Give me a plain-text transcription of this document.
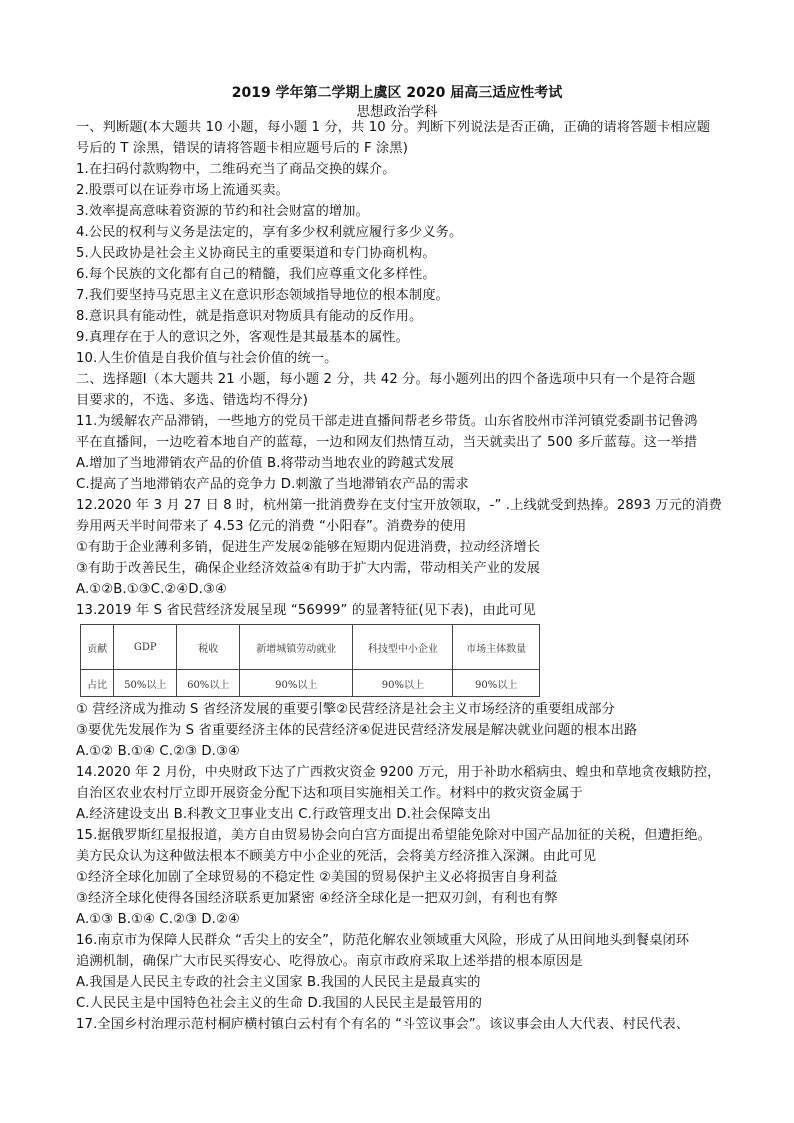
2019 学年第二学期上虞区 2020 届高三适应性考试
思想政治学科
一、判断题(本大题共 10 小题，每小题 1 分，共 10 分。判断下列说法是否正确，正确的请将答题卡相应题
号后的 T 涂黑，错误的请将答题卡相应题号后的 F 涂黑)
1.在扫码付款购物中，二维码充当了商品交换的媒介。
2.股票可以在证券市场上流通买卖。
3.效率提高意味着资源的节约和社会财富的增加。
4.公民的权利与义务是法定的，享有多少权利就应履行多少义务。
5.人民政协是社会主义协商民主的重要渠道和专门协商机构。
6.每个民族的文化都有自己的精髓，我们应尊重文化多样性。
7.我们要坚持马克思主义在意识形态领域指导地位的根本制度。
8.意识具有能动性，就是指意识对物质具有能动的反作用。
9.真理存在于人的意识之外，客观性是其最基本的属性。
10.人生价值是自我价值与社会价值的统一。
二、选择题Ⅰ（本大题共 21 小题，每小题 2 分，共 42 分。每小题列出的四个备选项中只有一个是符合题
目要求的，不选、多选、错选均不得分)
11.为缓解农产品滞销，一些地方的党员干部走进直播间帮老乡带货。山东省胶州市洋河镇党委副书记鲁鸿
平在直播间，一边吃着本地自产的蓝莓，一边和网友们热情互动，当天就卖出了 500 多斤蓝莓。这一举措
A.增加了当地滞销农产品的价值 B.将带动当地农业的跨越式发展
C.提高了当地滞销农产品的竞争力 D.刺激了当地滞销农产品的需求
12.2020 年 3 月 27 日 8 时，杭州第一批消费券在支付宝开放领取，-” .上线就受到热捧。2893 万元的消费
券用两天半时间带来了 4.53 亿元的消费 “小阳春”。消费券的使用
①有助于企业薄利多销，促进生产发展②能够在短期内促进消费，拉动经济增长
③有助于改善民生，确保企业经济效益④有助于扩大内需，带动相关产业的发展
A.①②B.①③C.②④D.③④
13.2019 年 S 省民营经济发展呈现 “56999” 的显著特征(见下表)，由此可见
贡献	GDP	税收	新增城镇劳动就业	科技型中小企业	市场主体数量
占比	50%以上	60%以上	90%以上	90%以上	90%以上
① 营经济成为推动 S 省经济发展的重要引擎②民营经济是社会主义市场经济的重要组成部分
③要优先发展作为 S 省重要经济主体的民营经济④促进民营经济发展是解决就业问题的根本出路
A.①② B.①④ C.②③ D.③④
14.2020 年 2 月份，中央财政下达了广西救灾资金 9200 万元，用于补助水稻病虫、蝗虫和草地贪夜蛾防控，
自治区农业农村厅立即开展资金分配下达和项目实施相关工作。材料中的救灾资金属于
A.经济建设支出 B.科教文卫事业支出 C.行政管理支出 D.社会保障支出
15.据俄罗斯红星报报道，美方自由贸易协会向白宫方面提出希望能免除对中国产品加征的关税，但遭拒绝。
美方民众认为这种做法根本不顾美方中小企业的死活，会将美方经济推入深渊。由此可见
①经济全球化加剧了全球贸易的不稳定性 ②美国的贸易保护主义必将损害自身利益
③经济全球化使得各国经济联系更加紧密 ④经济全球化是一把双刃剑，有利也有弊
A.①③ B.①④ C.②③ D.②④
16.南京市为保障人民群众 “舌尖上的安全”，防范化解农业领域重大风险，形成了从田间地头到餐桌闭环
追溯机制，确保广大市民买得安心、吃得放心。南京市政府采取上述举措的根本原因是
A.我国是人民民主专政的社会主义国家 B.我国的人民民主是最真实的
C.人民民主是中国特色社会主义的生命 D.我国的人民民主是最管用的
17.全国乡村治理示范村桐庐横村镇白云村有个有名的 “斗笠议事会”。该议事会由人大代表、村民代表、
